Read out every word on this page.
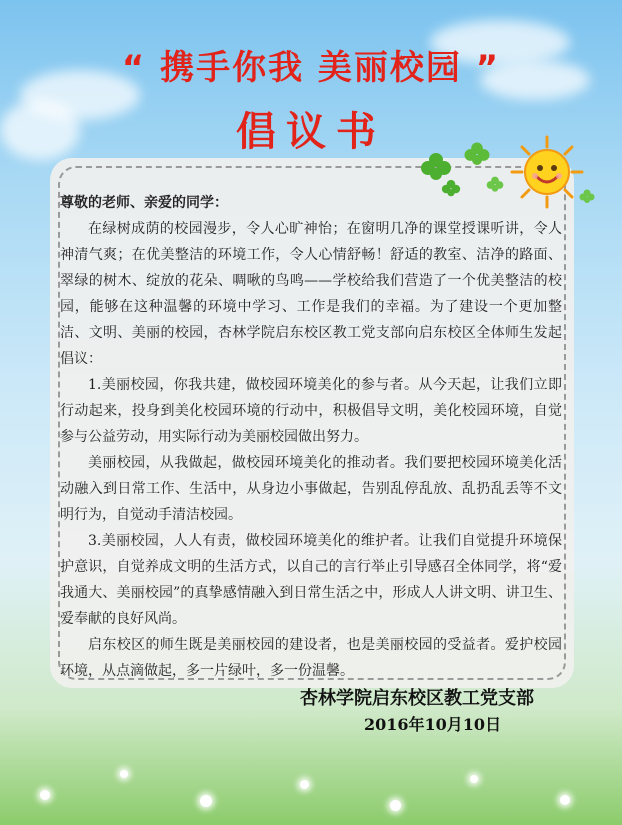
“ 携手你我 美丽校园 ”
倡议书

尊敬的老师、亲爱的同学：

在绿树成荫的校园漫步，令人心旷神怡；在窗明几净的课堂授课听讲，令人神清气爽；在优美整洁的环境工作，令人心情舒畅！舒适的教室、洁净的路面、翠绿的树木、绽放的花朵、啁啾的鸟鸣——学校给我们营造了一个优美整洁的校园，能够在这种温馨的环境中学习、工作是我们的幸福。为了建设一个更加整洁、文明、美丽的校园，杏林学院启东校区教工党支部向启东校区全体师生发起倡议：

1.美丽校园，你我共建，做校园环境美化的参与者。从今天起，让我们立即行动起来，投身到美化校园环境的行动中，积极倡导文明，美化校园环境，自觉参与公益劳动，用实际行动为美丽校园做出努力。

美丽校园，从我做起，做校园环境美化的推动者。我们要把校园环境美化活动融入到日常工作、生活中，从身边小事做起，告别乱停乱放、乱扔乱丢等不文明行为，自觉动手清洁校园。

3.美丽校园，人人有责，做校园环境美化的维护者。让我们自觉提升环境保护意识，自觉养成文明的生活方式，以自己的言行举止引导感召全体同学，将“爱我通大、美丽校园”的真挚感情融入到日常生活之中，形成人人讲文明、讲卫生、爱奉献的良好风尚。

启东校区的师生既是美丽校园的建设者，也是美丽校园的受益者。爱护校园环境，从点滴做起，多一片绿叶，多一份温馨。

杏林学院启东校区教工党支部
2016年10月10日
